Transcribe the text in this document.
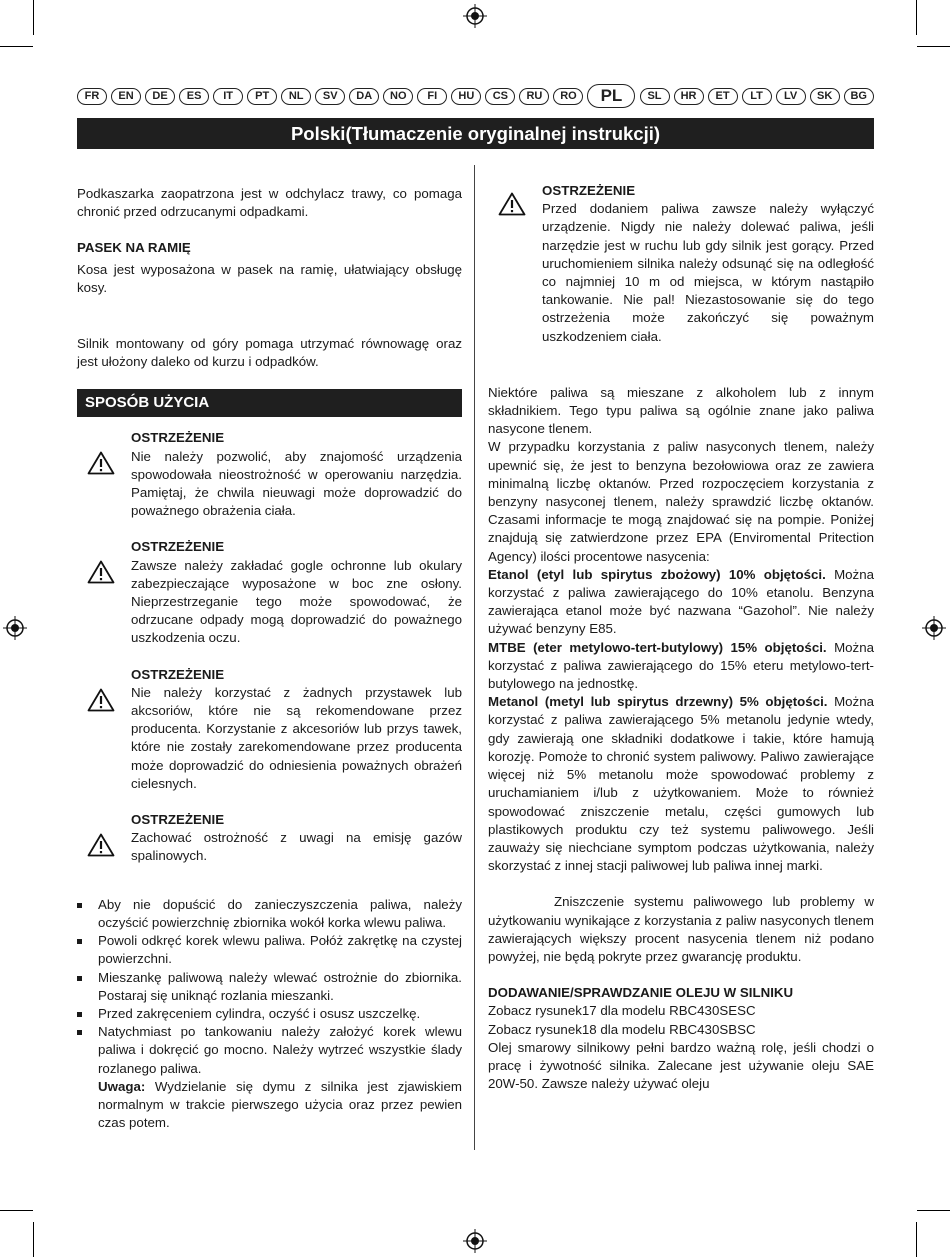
FR	EN	DE	ES	IT	PT	NL	SV	DA	NO	FI	HU	CS	RU	RO	PL	SL	HR	ET	LT	LV	SK	BG
Polski(Tłumaczenie oryginalnej instrukcji)

Podkaszarka zaopatrzona jest w odchylacz trawy, co pomaga chronić przed odrzucanymi odpadkami.

PASEK NA RAMIĘ

Kosa jest wyposażona w pasek na ramię, ułatwiający obsługę kosy.

Silnik montowany od góry pomaga utrzymać równowagę oraz jest ułożony daleko od kurzu i odpadków.

SPOSÓB UŻYCIA

OSTRZEŻENIE

Nie należy pozwolić, aby znajomość urządzenia spowodowała nieostrożność w operowaniu narzędzia. Pamiętaj, że chwila nieuwagi może doprowadzić do poważnego obrażenia ciała.

OSTRZEŻENIE

Zawsze należy zakładać gogle ochronne lub okulary zabezpieczające wyposażone w boc zne osłony. Nieprzestrzeganie tego może spowodować, że odrzucane odpady mogą doprowadzić do poważnego uszkodzenia oczu.

OSTRZEŻENIE

Nie należy korzystać z żadnych przystawek lub akcsoriów, które nie są rekomendowane przez producenta. Korzystanie z akcesoriów lub przys tawek, które nie zostały zarekomendowane przez producenta może doprowadzić do odniesienia poważnych obrażeń cielesnych.

OSTRZEŻENIE

Zachować ostrożność z uwagi na emisję gazów spalinowych.

Aby nie dopuścić do zanieczyszczenia paliwa, należy oczyścić powierzchnię zbiornika wokół korka wlewu paliwa.
Powoli odkręć korek wlewu paliwa. Połóż zakrętkę na czystej powierzchni.
Mieszankę paliwową należy wlewać ostrożnie do zbiornika. Postaraj się uniknąć rozlania mieszanki.
Przed zakręceniem cylindra, oczyść i osusz uszczelkę.
Natychmiast po tankowaniu należy założyć korek wlewu paliwa i dokręcić go mocno. Należy wytrzeć wszystkie ślady rozlanego paliwa.

Uwaga: Wydzielanie się dymu z silnika jest zjawiskiem normalnym w trakcie pierwszego użycia oraz przez pewien czas potem.

OSTRZEŻENIE

Przed dodaniem paliwa zawsze należy wyłączyć urządzenie. Nigdy nie należy dolewać paliwa, jeśli narzędzie jest w ruchu lub gdy silnik jest gorący. Przed uruchomieniem silnika należy odsunąć się na odległość co najmniej 10 m od miejsca, w którym nastąpiło tankowanie. Nie pal! Niezastosowanie się do tego ostrzeżenia może zakończyć się poważnym uszkodzeniem ciała.

Niektóre paliwa są mieszane z alkoholem lub z innym składnikiem. Tego typu paliwa są ogólnie znane jako paliwa nasycone tlenem.

W przypadku korzystania z paliw nasyconych tlenem, należy upewnić się, że jest to benzyna bezołowiowa oraz ze zawiera minimalną liczbę oktanów. Przed rozpoczęciem korzystania z benzyny nasyconej tlenem, należy sprawdzić liczbę oktanów. Czasami informacje te mogą znajdować się na pompie. Poniżej znajdują się zatwierdzone przez EPA (Enviromental Pritection Agency) ilości procentowe nasycenia:

Etanol (etyl lub spirytus zbożowy) 10% objętości. Można korzystać z paliwa zawierającego do 10% etanolu. Benzyna zawierająca etanol może być nazwana “Gazohol”. Nie należy używać benzyny E85.

MTBE (eter metylowo-tert-butylowy) 15% objętości. Można korzystać z paliwa zawierającego do 15% eteru metylowo-tert-butylowego na jednostkę.

Metanol (metyl lub spirytus drzewny) 5% objętości. Można korzystać z paliwa zawierającego 5% metanolu jedynie wtedy, gdy zawierają one składniki dodatkowe i takie, które hamują korozję. Pomoże to chronić system paliwowy. Paliwo zawierające więcej niż 5% metanolu może spowodować problemy z uruchamianiem i/lub z użytkowaniem. Może to również spowodować zniszczenie metalu, części gumowych lub plastikowych produktu czy też systemu paliwowego. Jeśli zauważy się niechciane symptom podczas użytkowania, należy skorzystać z innej stacji paliwowej lub paliwa innej marki.

Zniszczenie systemu paliwowego lub problemy w użytkowaniu wynikające z korzystania z paliw nasyconych tlenem zawierających większy procent nasycenia tlenem niż podano powyżej, nie będą pokryte przez gwarancję produktu.

DODAWANIE/SPRAWDZANIE OLEJU W SILNIKU

Zobacz rysunek17 dla modelu RBC430SESC

Zobacz rysunek18 dla modelu RBC430SBSC

Olej smarowy silnikowy pełni bardzo ważną rolę, jeśli chodzi o pracę i żywotność silnika. Zalecane jest używanie oleju SAE 20W-50. Zawsze należy używać oleju
